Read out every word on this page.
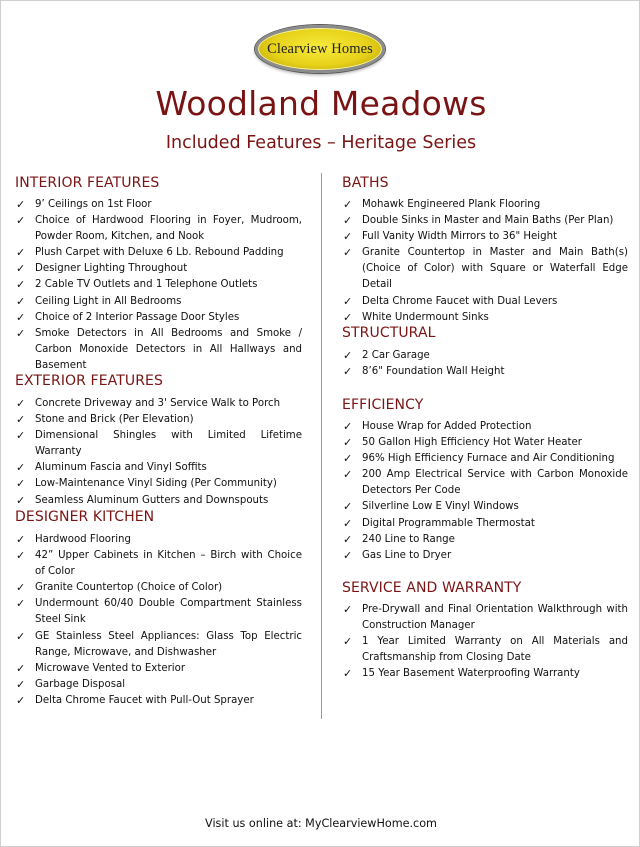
Clearview Homes
Woodland Meadows
Included Features – Heritage Series
INTERIOR FEATURES
✓ 9’ Ceilings on 1st Floor
✓ Choice of Hardwood Flooring in Foyer, Mudroom, Powder Room, Kitchen, and Nook
✓ Plush Carpet with Deluxe 6 Lb. Rebound Padding
✓ Designer Lighting Throughout
✓ 2 Cable TV Outlets and 1 Telephone Outlets
✓ Ceiling Light in All Bedrooms
✓ Choice of 2 Interior Passage Door Styles
✓ Smoke Detectors in All Bedrooms and Smoke / Carbon Monoxide Detectors in All Hallways and Basement
EXTERIOR FEATURES
✓ Concrete Driveway and 3' Service Walk to Porch
✓ Stone and Brick (Per Elevation)
✓ Dimensional Shingles with Limited Lifetime Warranty
✓ Aluminum Fascia and Vinyl Soffits
✓ Low-Maintenance Vinyl Siding (Per Community)
✓ Seamless Aluminum Gutters and Downspouts
DESIGNER KITCHEN
✓ Hardwood Flooring
✓ 42” Upper Cabinets in Kitchen – Birch with Choice of Color
✓ Granite Countertop (Choice of Color)
✓ Undermount 60/40 Double Compartment Stainless Steel Sink
✓ GE Stainless Steel Appliances: Glass Top Electric Range, Microwave, and Dishwasher
✓ Microwave Vented to Exterior
✓ Garbage Disposal
✓ Delta Chrome Faucet with Pull-Out Sprayer
BATHS
✓ Mohawk Engineered Plank Flooring
✓ Double Sinks in Master and Main Baths (Per Plan)
✓ Full Vanity Width Mirrors to 36" Height
✓ Granite Countertop in Master and Main Bath(s) (Choice of Color) with Square or Waterfall Edge Detail
✓ Delta Chrome Faucet with Dual Levers
✓ White Undermount Sinks
STRUCTURAL
✓ 2 Car Garage
✓ 8’6" Foundation Wall Height
EFFICIENCY
✓ House Wrap for Added Protection
✓ 50 Gallon High Efficiency Hot Water Heater
✓ 96% High Efficiency Furnace and Air Conditioning
✓ 200 Amp Electrical Service with Carbon Monoxide Detectors Per Code
✓ Silverline Low E Vinyl Windows
✓ Digital Programmable Thermostat
✓ 240 Line to Range
✓ Gas Line to Dryer
SERVICE AND WARRANTY
✓ Pre-Drywall and Final Orientation Walkthrough with Construction Manager
✓ 1 Year Limited Warranty on All Materials and Craftsmanship from Closing Date
✓ 15 Year Basement Waterproofing Warranty
Visit us online at: MyClearviewHome.com
